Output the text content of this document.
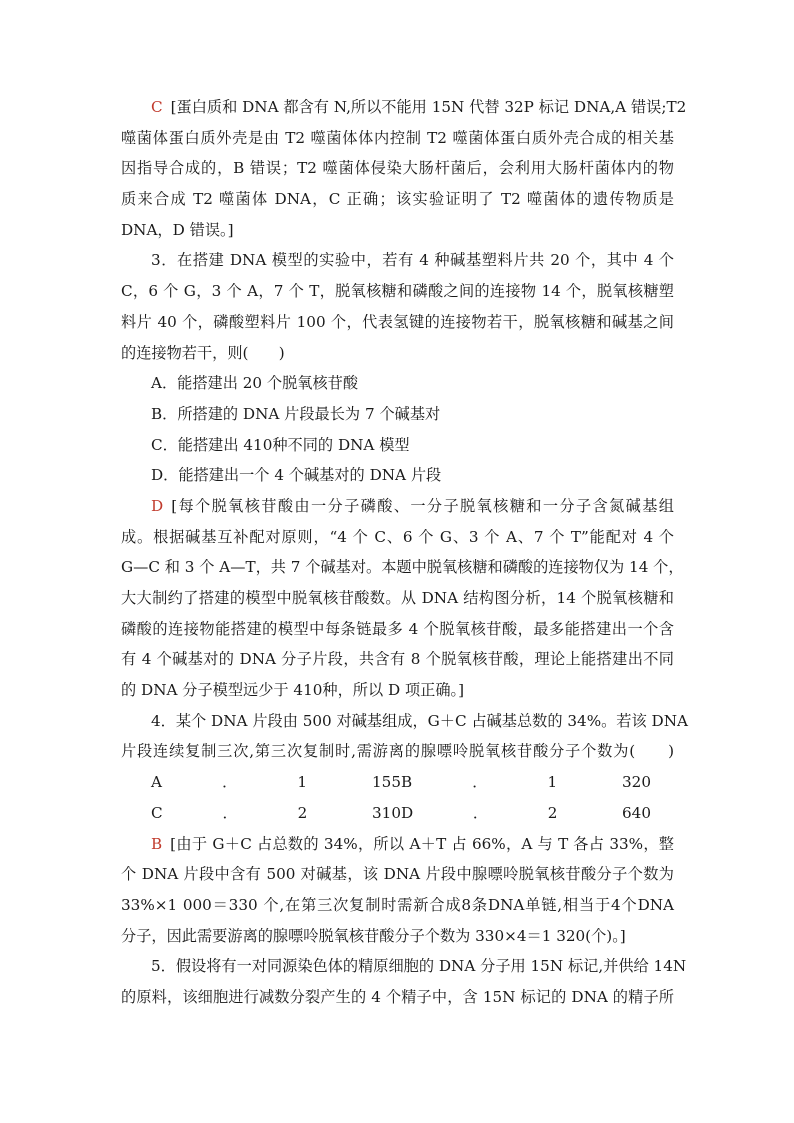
C [蛋白质和 DNA 都含有 N,所以不能用 15N 代替 32P 标记 DNA,A 错误;T2
噬菌体蛋白质外壳是由 T2 噬菌体体内控制 T2 噬菌体蛋白质外壳合成的相关基
因指导合成的，B 错误；T2 噬菌体侵染大肠杆菌后，会利用大肠杆菌体内的物
质来合成 T2 噬菌体 DNA，C 正确；该实验证明了 T2 噬菌体的遗传物质是
DNA，D 错误。]
3．在搭建 DNA 模型的实验中，若有 4 种碱基塑料片共 20 个，其中 4 个
C，6 个 G，3 个 A，7 个 T，脱氧核糖和磷酸之间的连接物 14 个，脱氧核糖塑
料片 40 个，磷酸塑料片 100 个，代表氢键的连接物若干，脱氧核糖和碱基之间
的连接物若干，则(　　)
A．能搭建出 20 个脱氧核苷酸
B．所搭建的 DNA 片段最长为 7 个碱基对
C．能搭建出 410种不同的 DNA 模型
D．能搭建出一个 4 个碱基对的 DNA 片段
D [每个脱氧核苷酸由一分子磷酸、一分子脱氧核糖和一分子含氮碱基组
成。根据碱基互补配对原则，“4 个 C、6 个 G、3 个 A、7 个 T”能配对 4 个
G—C 和 3 个 A—T，共 7 个碱基对。本题中脱氧核糖和磷酸的连接物仅为 14 个，
大大制约了搭建的模型中脱氧核苷酸数。从 DNA 结构图分析，14 个脱氧核糖和
磷酸的连接物能搭建的模型中每条链最多 4 个脱氧核苷酸，最多能搭建出一个含
有 4 个碱基对的 DNA 分子片段，共含有 8 个脱氧核苷酸，理论上能搭建出不同
的 DNA 分子模型远少于 410种，所以 D 项正确。]
4．某个 DNA 片段由 500 对碱基组成，G＋C 占碱基总数的 34%。若该 DNA
片段连续复制三次,第三次复制时,需游离的腺嘌呤脱氧核苷酸分子个数为(　　)
A．1 155 B．1 320
C．2 310 D．2 640
B [由于 G＋C 占总数的 34%，所以 A＋T 占 66%，A 与 T 各占 33%，整
个 DNA 片段中含有 500 对碱基，该 DNA 片段中腺嘌呤脱氧核苷酸分子个数为
33%×1 000＝330 个,在第三次复制时需新合成8条DNA单链,相当于4个DNA
分子，因此需要游离的腺嘌呤脱氧核苷酸分子个数为 330×4＝1 320(个)。]
5．假设将有一对同源染色体的精原细胞的 DNA 分子用 15N 标记,并供给 14N
的原料，该细胞进行减数分裂产生的 4 个精子中，含 15N 标记的 DNA 的精子所
